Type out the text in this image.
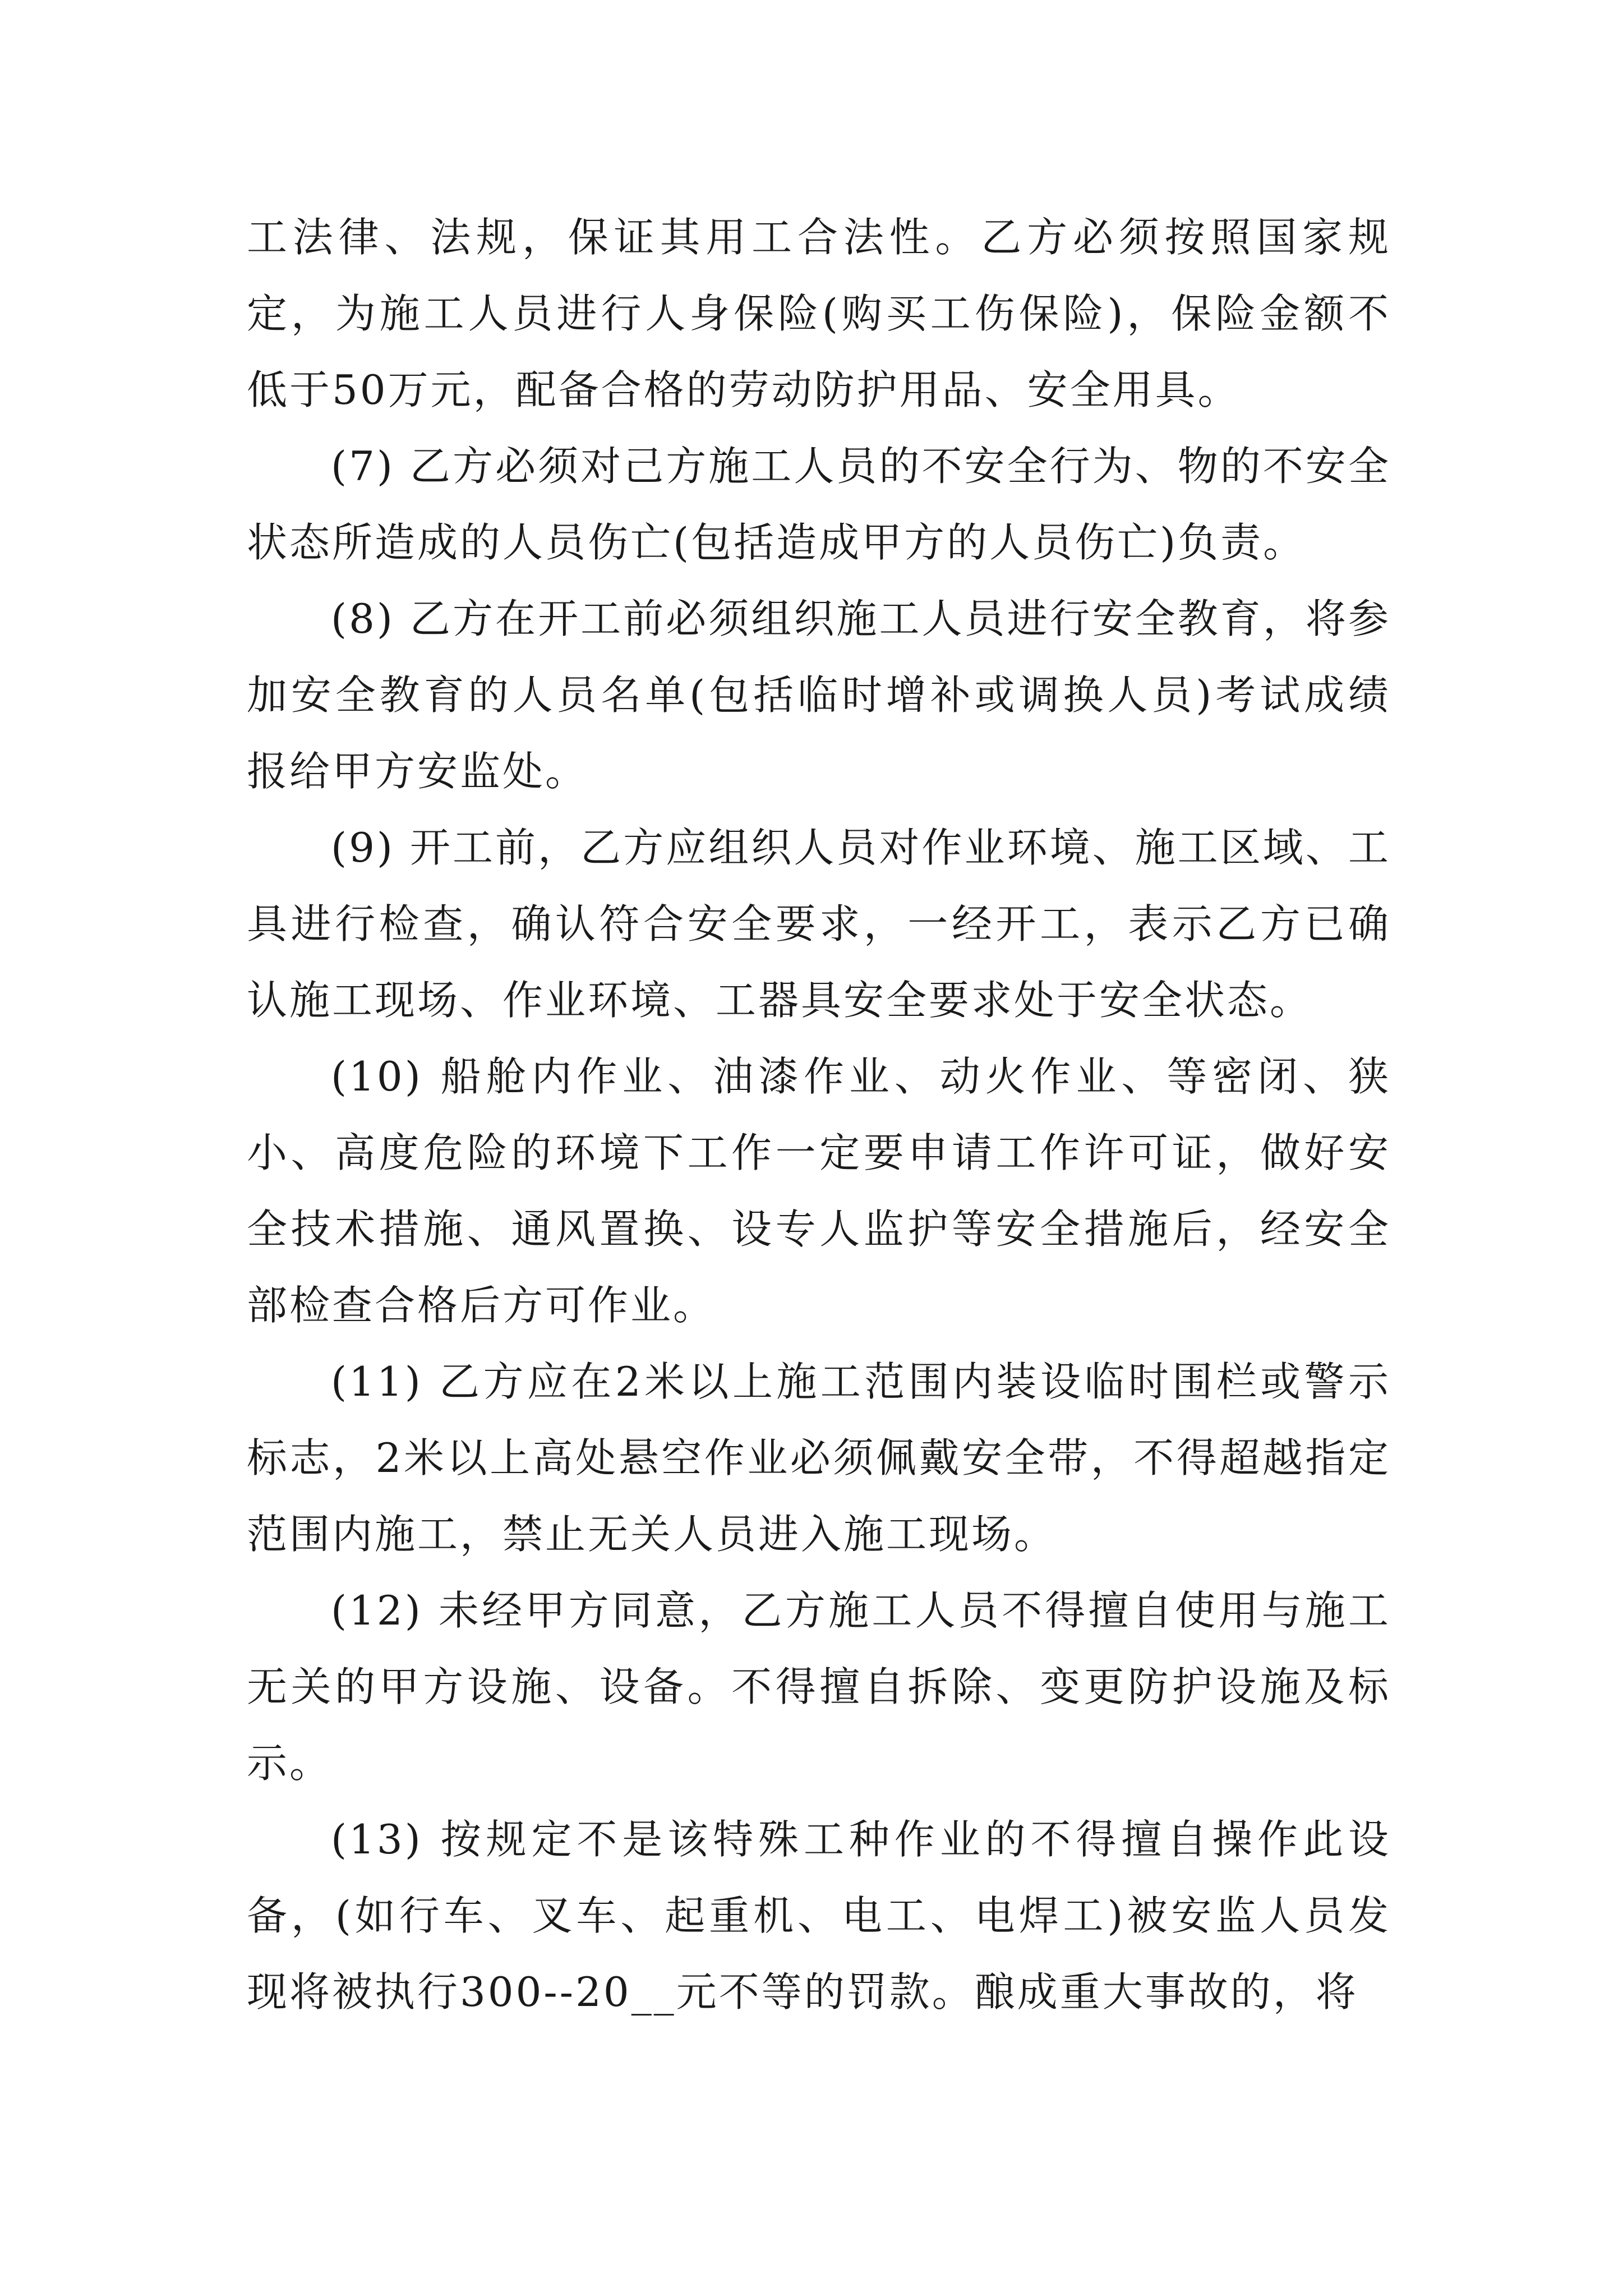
工法律、法规，保证其用工合法性。乙方必须按照国家规定，为施工人员进行人身保险(购买工伤保险)，保险金额不低于50万元，配备合格的劳动防护用品、安全用具。

(7) 乙方必须对己方施工人员的不安全行为、物的不安全状态所造成的人员伤亡(包括造成甲方的人员伤亡)负责。

(8) 乙方在开工前必须组织施工人员进行安全教育，将参加安全教育的人员名单(包括临时增补或调换人员)考试成绩报给甲方安监处。

(9) 开工前，乙方应组织人员对作业环境、施工区域、工具进行检查，确认符合安全要求，一经开工，表示乙方已确认施工现场、作业环境、工器具安全要求处于安全状态。

(10) 船舱内作业、油漆作业、动火作业、等密闭、狭小、高度危险的环境下工作一定要申请工作许可证，做好安全技术措施、通风置换、设专人监护等安全措施后，经安全部检查合格后方可作业。

(11) 乙方应在2米以上施工范围内装设临时围栏或警示标志，2米以上高处悬空作业必须佩戴安全带，不得超越指定范围内施工，禁止无关人员进入施工现场。

(12) 未经甲方同意，乙方施工人员不得擅自使用与施工无关的甲方设施、设备。不得擅自拆除、变更防护设施及标示。

(13) 按规定不是该特殊工种作业的不得擅自操作此设备，(如行车、叉车、起重机、电工、电焊工)被安监人员发现将被执行300--20__元不等的罚款。酿成重大事故的，将
